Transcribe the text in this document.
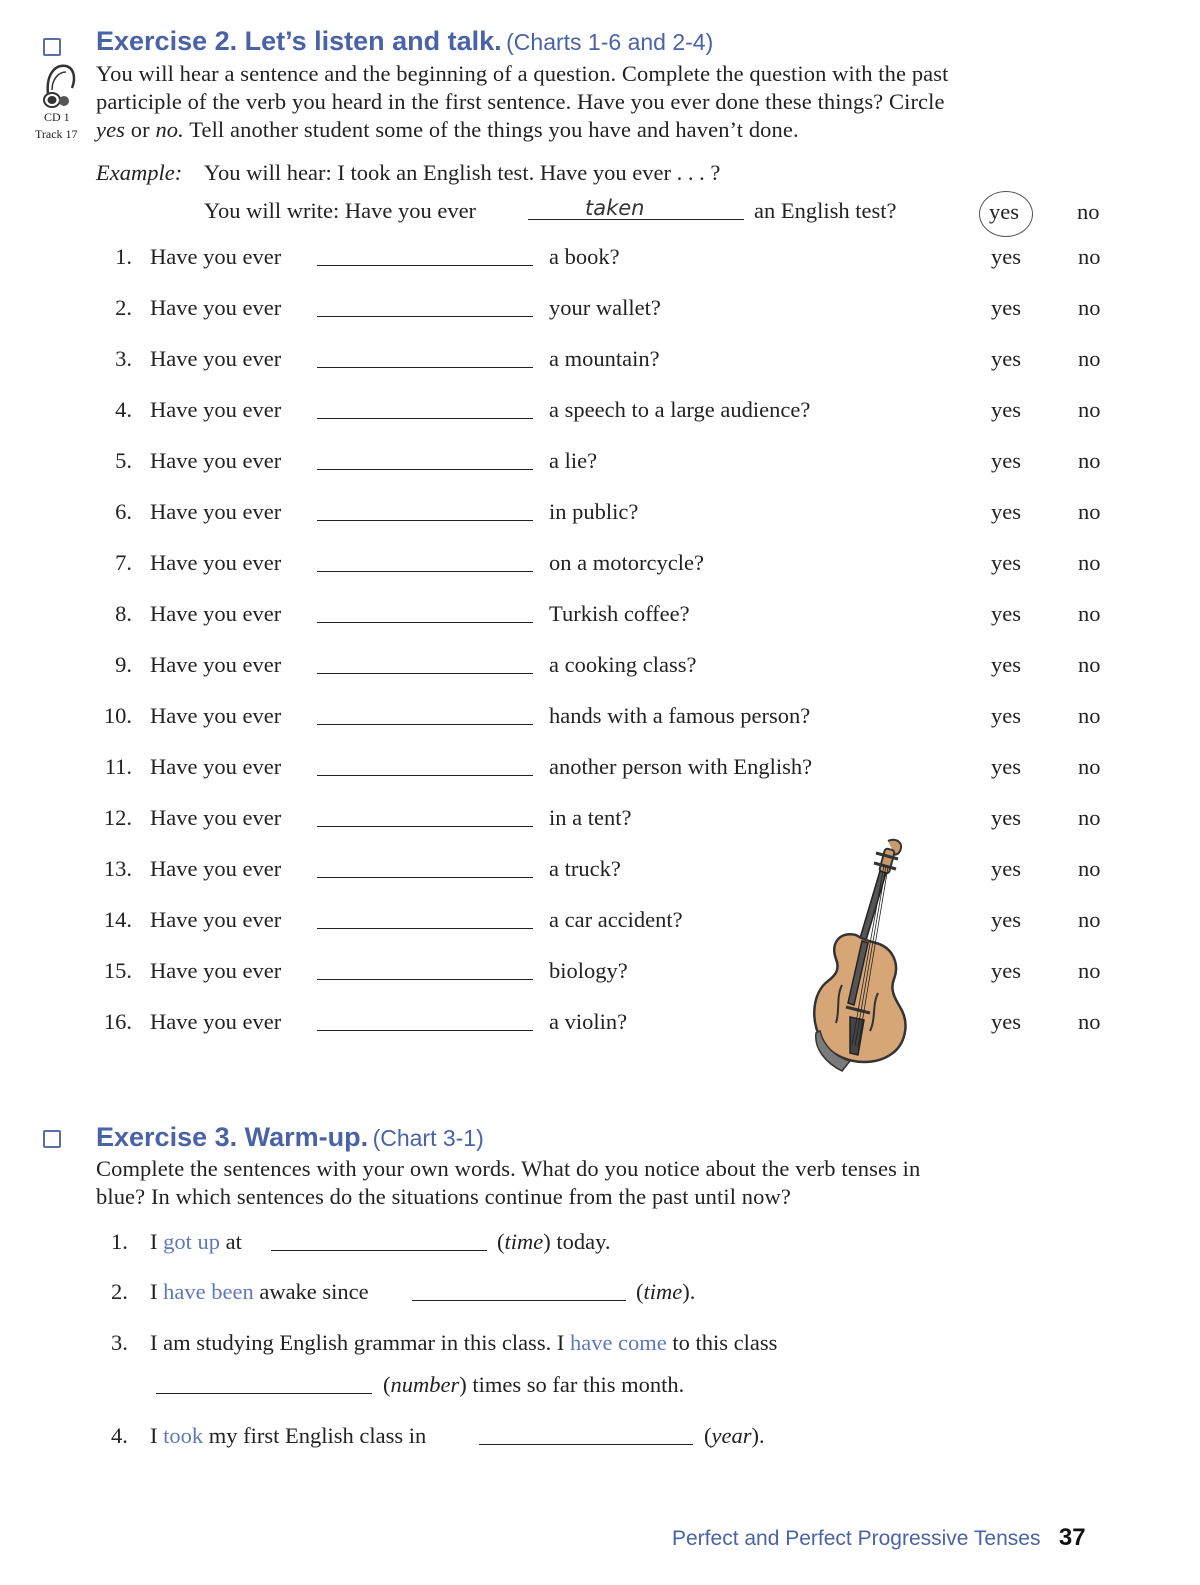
Exercise 2. Let’s listen and talk. (Charts 1-6 and 2-4)
CD 1
Track 17
You will hear a sentence and the beginning of a question. Complete the question with the past
participle of the verb you heard in the first sentence. Have you ever done these things? Circle
yes or no. Tell another student some of the things you have and haven’t done.
Example: You will hear: I took an English test. Have you ever . . . ?
You will write: Have you ever	taken	an English test?	yes	no
1. Have you ever	a book?	yes	no
2. Have you ever	your wallet?	yes	no
3. Have you ever	a mountain?	yes	no
4. Have you ever	a speech to a large audience?	yes	no
5. Have you ever	a lie?	yes	no
6. Have you ever	in public?	yes	no
7. Have you ever	on a motorcycle?	yes	no
8. Have you ever	Turkish coffee?	yes	no
9. Have you ever	a cooking class?	yes	no
10. Have you ever	hands with a famous person?	yes	no
11. Have you ever	another person with English?	yes	no
12. Have you ever	in a tent?	yes	no
13. Have you ever	a truck?	yes	no
14. Have you ever	a car accident?	yes	no
15. Have you ever	biology?	yes	no
16. Have you ever	a violin?	yes	no
Exercise 3. Warm-up. (Chart 3-1)
Complete the sentences with your own words. What do you notice about the verb tenses in
blue? In which sentences do the situations continue from the past until now?
1. I got up at	(time) today.
2. I have been awake since	(time).
3. I am studying English grammar in this class. I have come to this class
(number) times so far this month.
4. I took my first English class in	(year).
Perfect and Perfect Progressive Tenses 37
